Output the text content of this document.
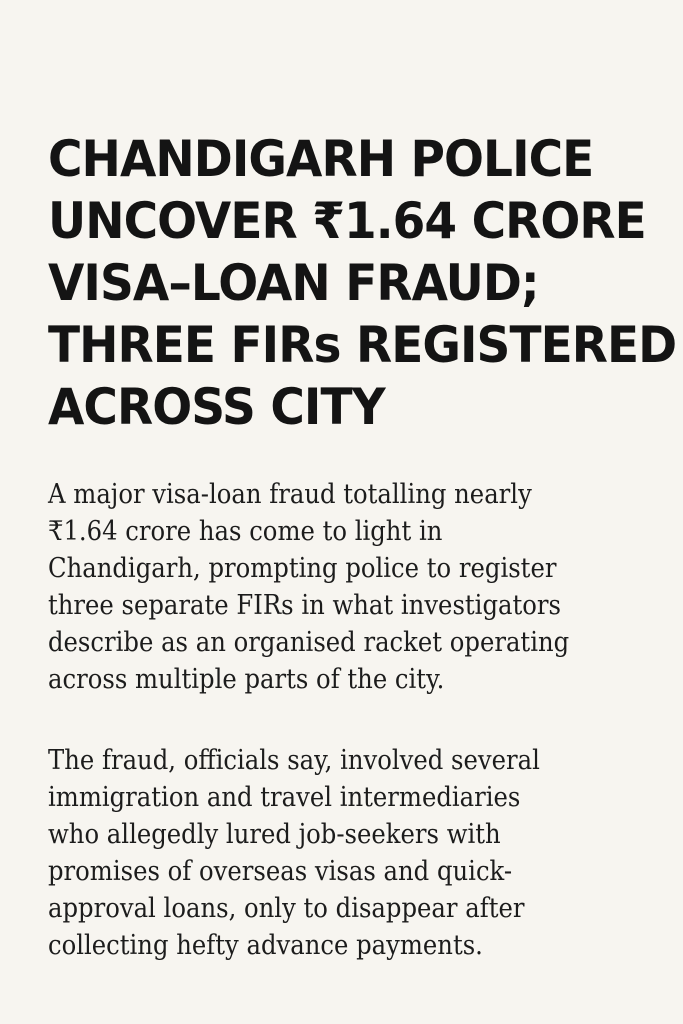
CHANDIGARH POLICE
UNCOVER ₹1.64 CRORE
VISA–LOAN FRAUD;
THREE FIRs REGISTERED
ACROSS CITY

A major visa-loan fraud totalling nearly
₹1.64 crore has come to light in
Chandigarh, prompting police to register
three separate FIRs in what investigators
describe as an organised racket operating
across multiple parts of the city.

The fraud, officials say, involved several
immigration and travel intermediaries
who allegedly lured job-seekers with
promises of overseas visas and quick-
approval loans, only to disappear after
collecting hefty advance payments.
